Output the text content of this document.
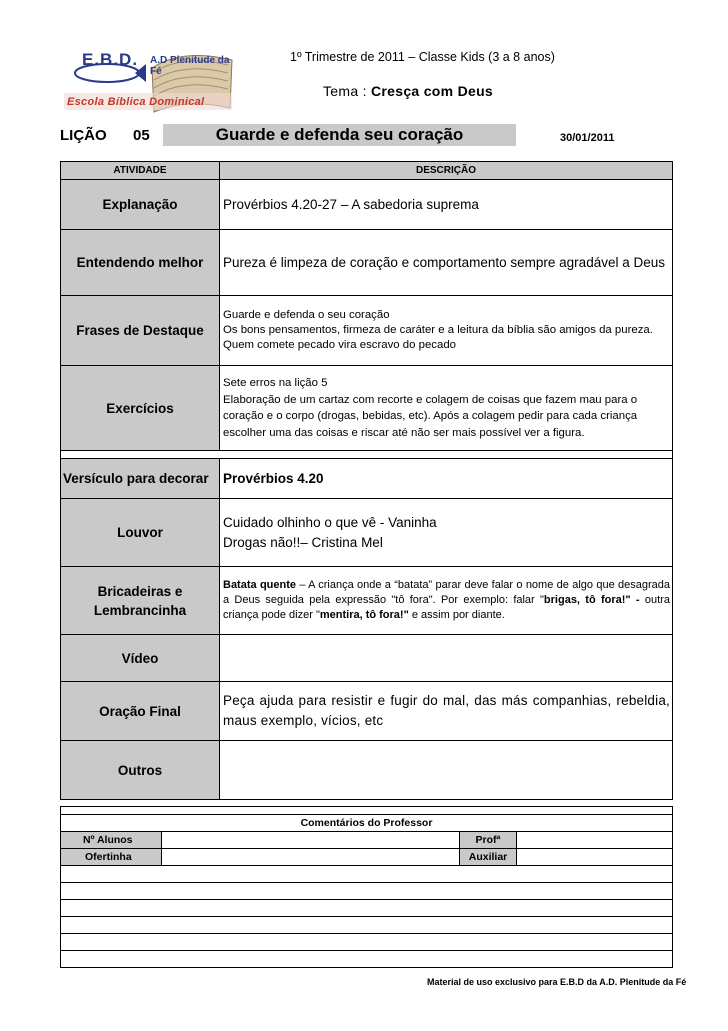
E.B.D. A.D Plenitude da Fé
Escola Bíblica Dominical
1º Trimestre de 2011 – Classe Kids (3 a 8 anos)
Tema : Cresça com Deus
LIÇÃO 05	Guarde e defenda seu coração	30/01/2011
ATIVIDADE	DESCRIÇÃO
Explanação	Provérbios 4.20-27 – A sabedoria suprema
Entendendo melhor	Pureza é limpeza de coração e comportamento sempre agradável a Deus
Frases de Destaque	Guarde e defenda o seu coração
Os bons pensamentos, firmeza de caráter e a leitura da bíblia são amigos da pureza.
Quem comete pecado vira escravo do pecado

Exercícios	Sete erros na lição 5
Elaboração de um cartaz com recorte e colagem de coisas que fazem mau para o coração e o corpo (drogas, bebidas, etc). Após a colagem pedir para cada criança escolher uma das coisas e riscar até não ser mais possível ver a figura.

Versículo para decorar	Provérbios 4.20
Louvor	Cuidado olhinho o que vê - Vaninha
Drogas não!!– Cristina Mel

Bricadeiras e
Lembrancinha	Batata quente – A criança onde a “batata” parar deve falar o nome de algo que desagrada a Deus seguida pela expressão "tô fora". Por exemplo: falar "brigas, tô fora!" - outra criança pode dizer "mentira, tô fora!" e assim por diante.
Vídeo	
Oração Final	Peça ajuda para resistir e fugir do mal, das más companhias, rebeldia, maus exemplo, vícios, etc
Outros	

Comentários do Professor			
Nº Alunos		Profª	
Ofertinha		Auxiliar	

Material de uso exclusivo para E.B.D da A.D. Plenitude da Fé
